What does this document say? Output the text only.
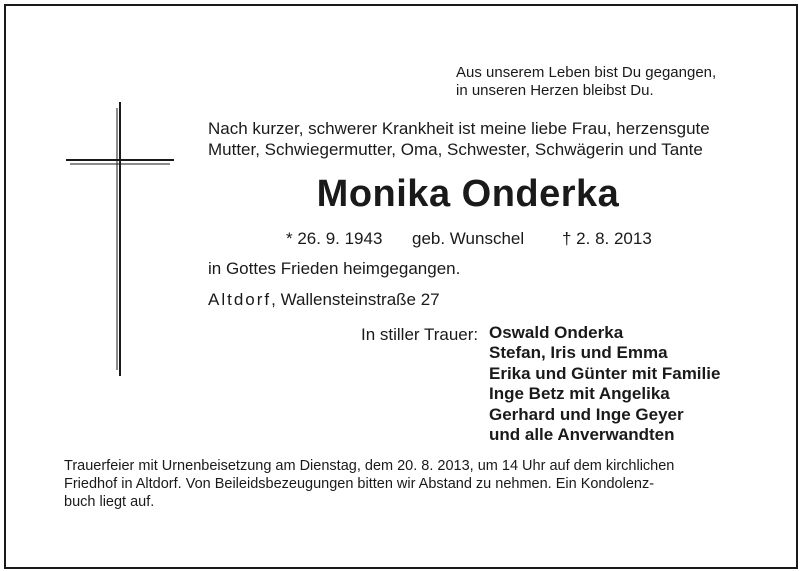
Aus unserem Leben bist Du gegangen,
in unseren Herzen bleibst Du.
Nach kurzer, schwerer Krankheit ist meine liebe Frau, herzensgute
Mutter, Schwiegermutter, Oma, Schwester, Schwägerin und Tante
Monika Onderka
* 26. 9. 1943 geb. Wunschel † 2. 8. 2013
in Gottes Frieden heimgegangen.
Altdorf, Wallensteinstraße 27
In stiller Trauer: Oswald Onderka
Stefan, Iris und Emma
Erika und Günter mit Familie
Inge Betz mit Angelika
Gerhard und Inge Geyer
und alle Anverwandten
Trauerfeier mit Urnenbeisetzung am Dienstag, dem 20. 8. 2013, um 14 Uhr auf dem kirchlichen
Friedhof in Altdorf. Von Beileidsbezeugungen bitten wir Abstand zu nehmen. Ein Kondolenz-
buch liegt auf.
